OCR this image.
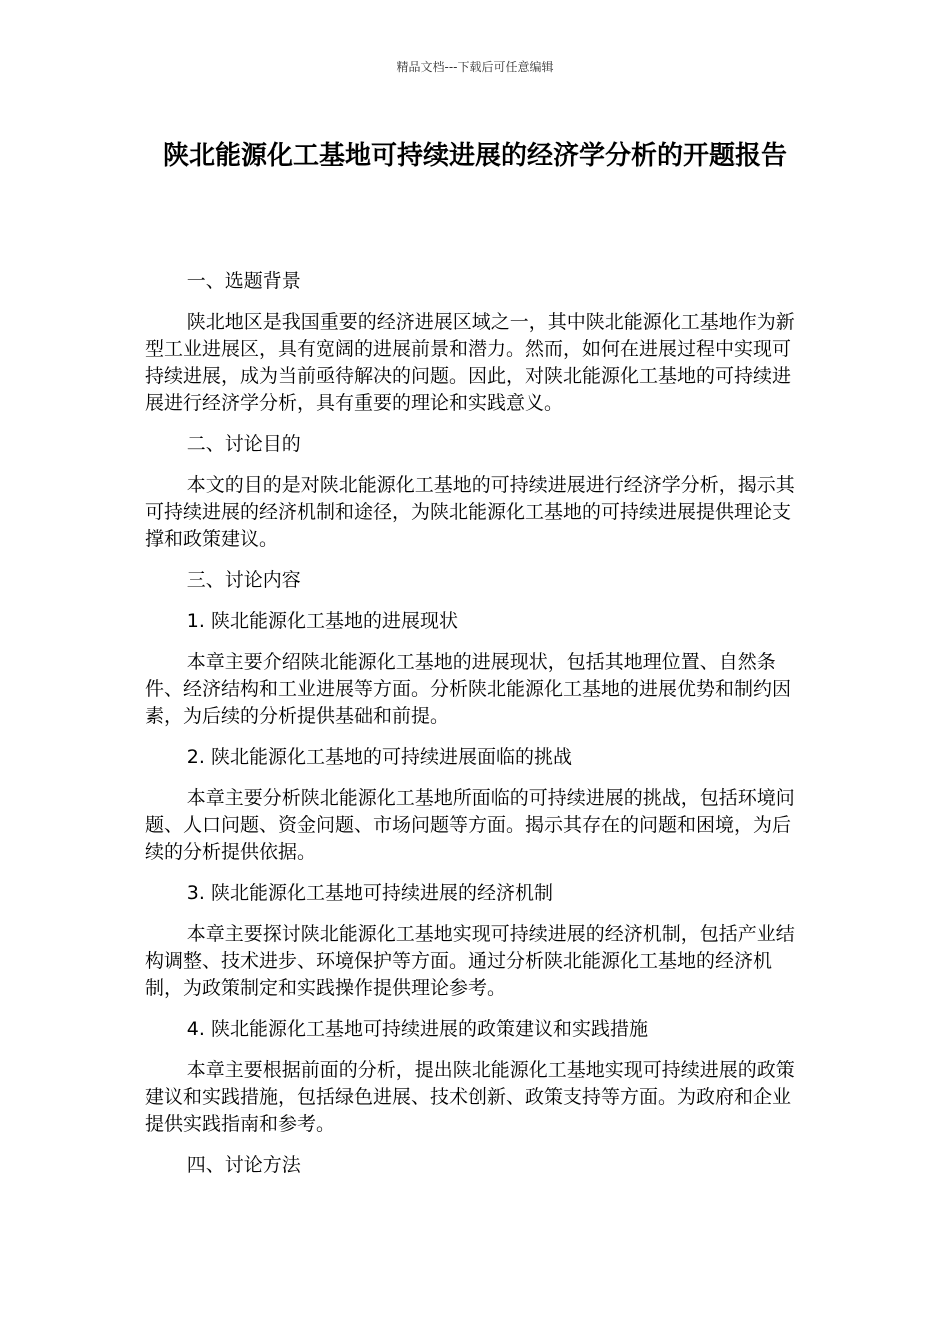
精品文档---下载后可任意编辑
陕北能源化工基地可持续进展的经济学分析的开题报告

一、选题背景

陕北地区是我国重要的经济进展区域之一，其中陕北能源化工基地作为新型工业进展区，具有宽阔的进展前景和潜力。然而，如何在进展过程中实现可持续进展，成为当前亟待解决的问题。因此，对陕北能源化工基地的可持续进展进行经济学分析，具有重要的理论和实践意义。

二、讨论目的

本文的目的是对陕北能源化工基地的可持续进展进行经济学分析，揭示其可持续进展的经济机制和途径，为陕北能源化工基地的可持续进展提供理论支撑和政策建议。

三、讨论内容

1. 陕北能源化工基地的进展现状

本章主要介绍陕北能源化工基地的进展现状，包括其地理位置、自然条件、经济结构和工业进展等方面。分析陕北能源化工基地的进展优势和制约因素，为后续的分析提供基础和前提。

2. 陕北能源化工基地的可持续进展面临的挑战

本章主要分析陕北能源化工基地所面临的可持续进展的挑战，包括环境问题、人口问题、资金问题、市场问题等方面。揭示其存在的问题和困境，为后续的分析提供依据。

3. 陕北能源化工基地可持续进展的经济机制

本章主要探讨陕北能源化工基地实现可持续进展的经济机制，包括产业结构调整、技术进步、环境保护等方面。通过分析陕北能源化工基地的经济机制，为政策制定和实践操作提供理论参考。

4. 陕北能源化工基地可持续进展的政策建议和实践措施

本章主要根据前面的分析，提出陕北能源化工基地实现可持续进展的政策建议和实践措施，包括绿色进展、技术创新、政策支持等方面。为政府和企业提供实践指南和参考。

四、讨论方法
